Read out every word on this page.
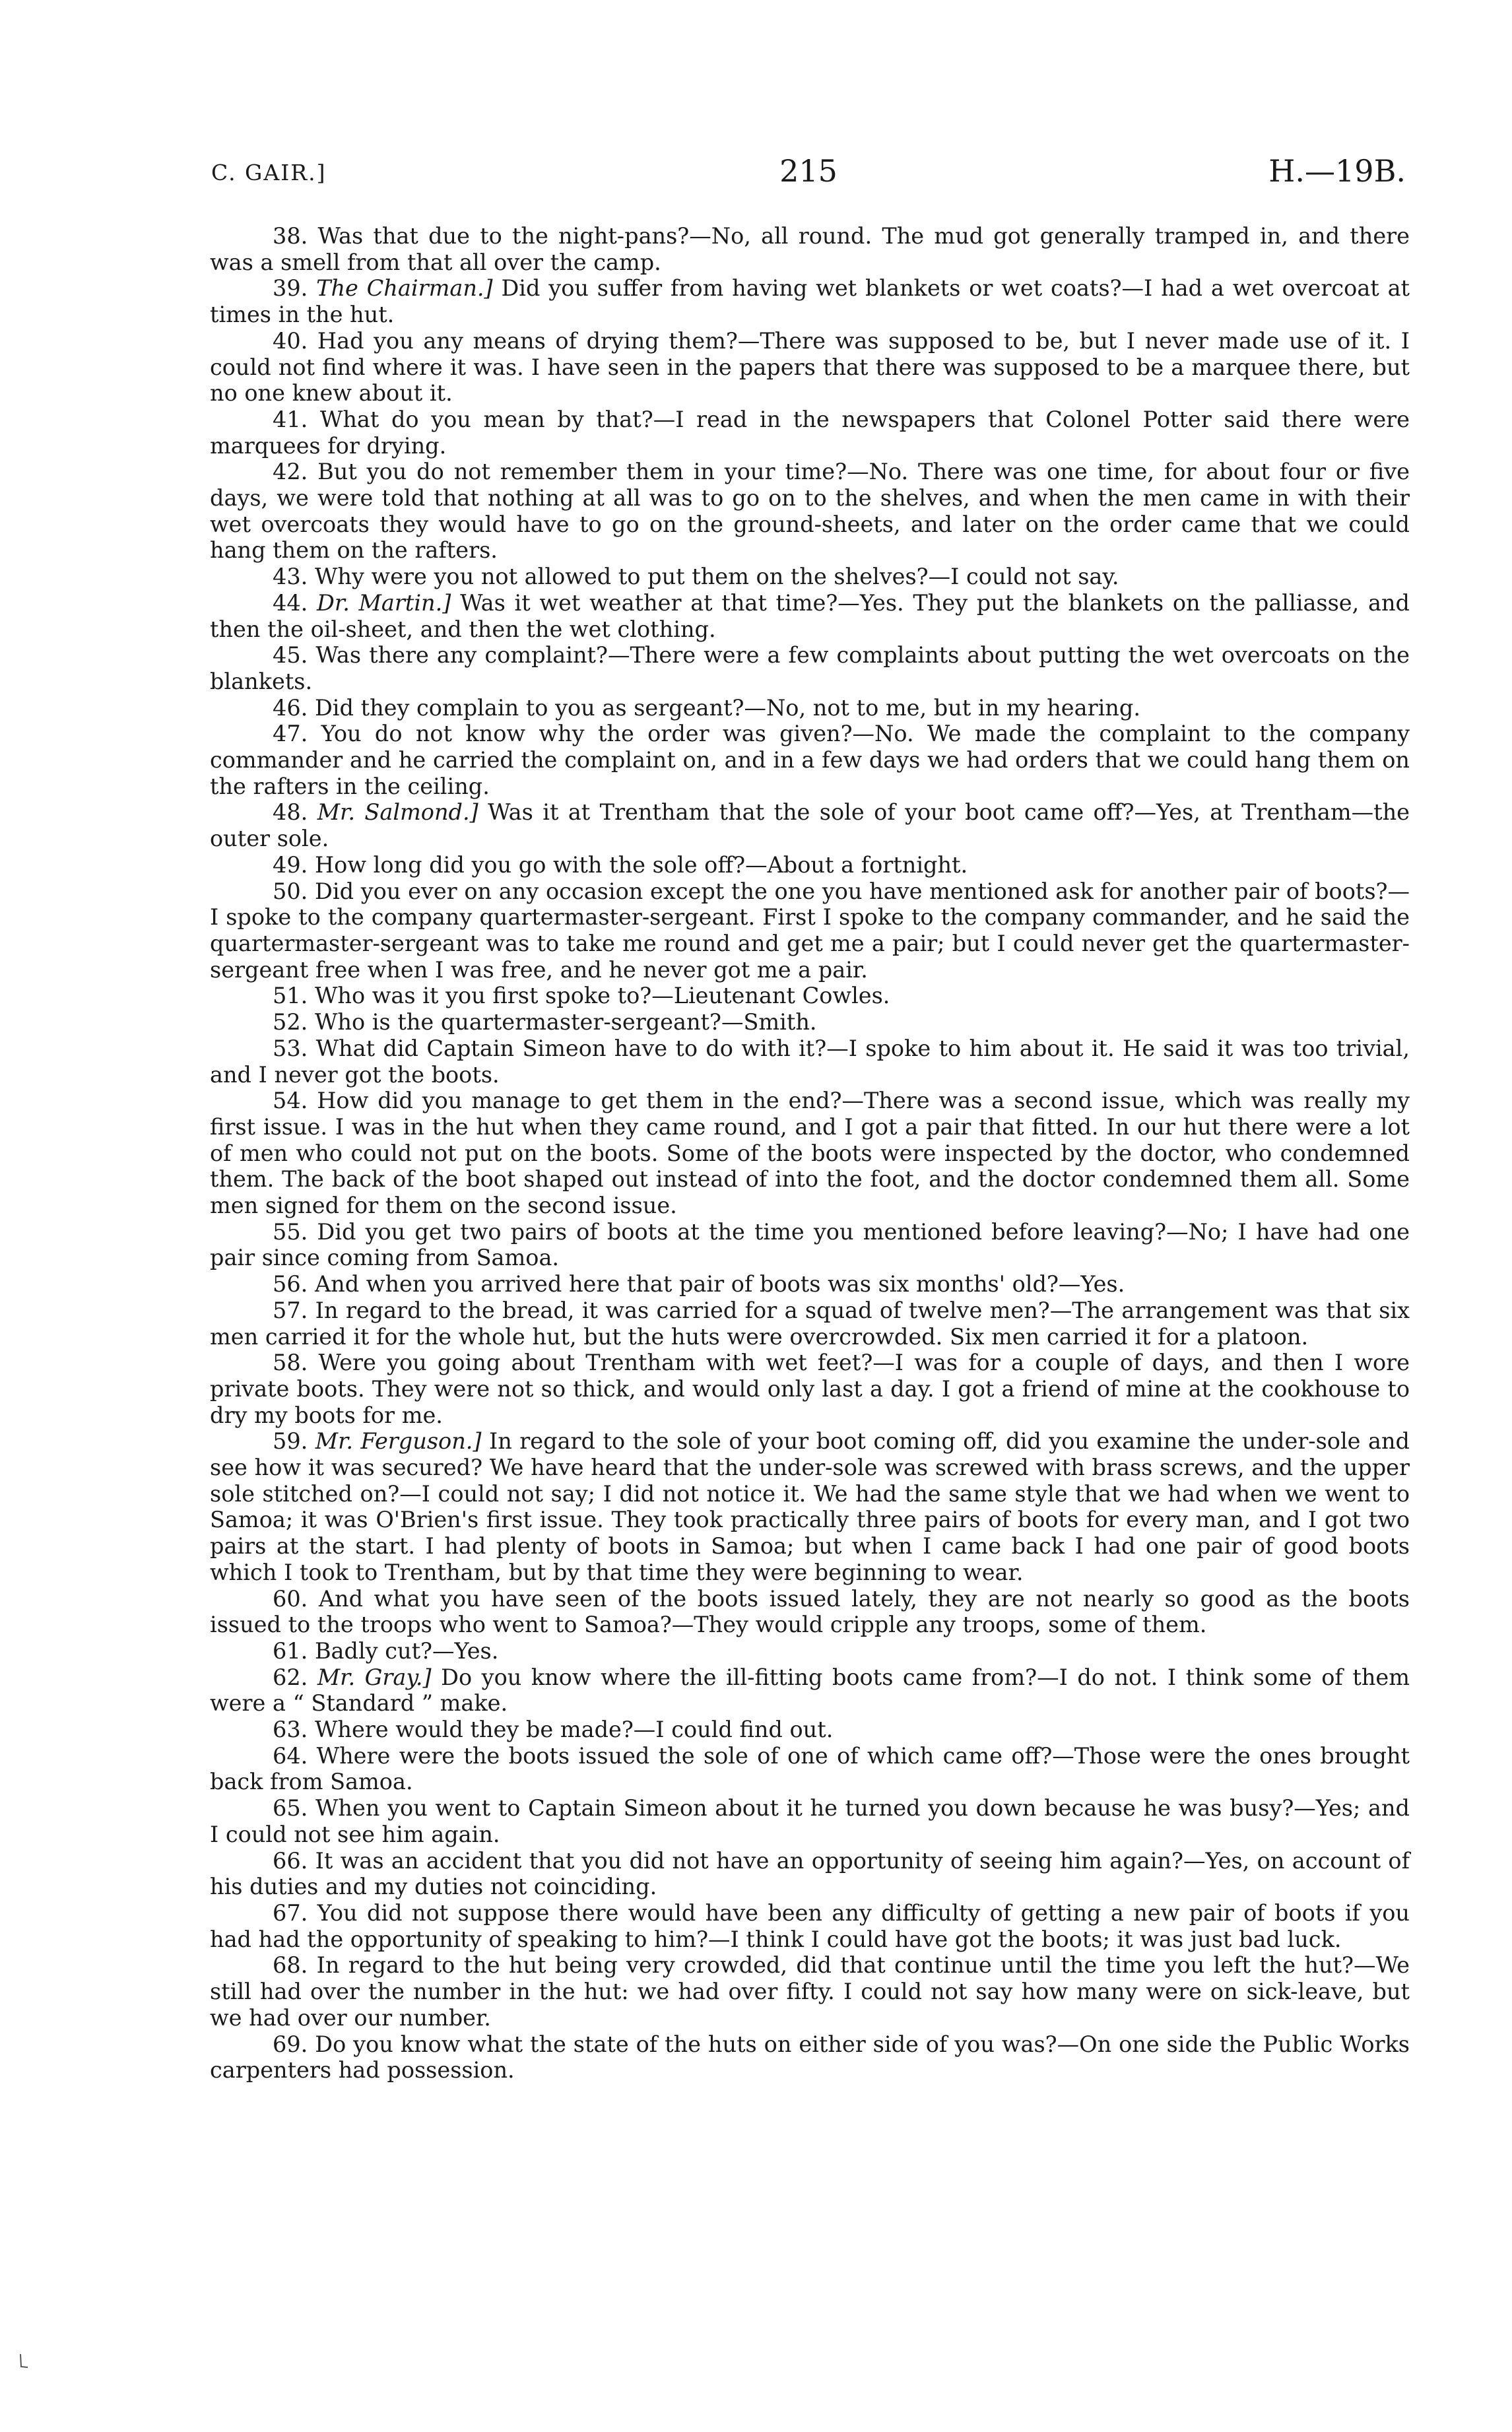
C. GAIR.]	215	H.—19B.

38. Was that due to the night-pans?—No, all round. The mud got generally tramped in, and there was a smell from that all over the camp.

39. The Chairman.] Did you suffer from having wet blankets or wet coats?—I had a wet overcoat at times in the hut.

40. Had you any means of drying them?—There was supposed to be, but I never made use of it. I could not find where it was. I have seen in the papers that there was supposed to be a marquee there, but no one knew about it.

41. What do you mean by that?—I read in the newspapers that Colonel Potter said there were marquees for drying.

42. But you do not remember them in your time?—No. There was one time, for about four or five days, we were told that nothing at all was to go on to the shelves, and when the men came in with their wet overcoats they would have to go on the ground-sheets, and later on the order came that we could hang them on the rafters.

43. Why were you not allowed to put them on the shelves?—I could not say.

44. Dr. Martin.] Was it wet weather at that time?—Yes. They put the blankets on the palliasse, and then the oil-sheet, and then the wet clothing.

45. Was there any complaint?—There were a few complaints about putting the wet overcoats on the blankets.

46. Did they complain to you as sergeant?—No, not to me, but in my hearing.

47. You do not know why the order was given?—No. We made the complaint to the company commander and he carried the complaint on, and in a few days we had orders that we could hang them on the rafters in the ceiling.

48. Mr. Salmond.] Was it at Trentham that the sole of your boot came off?—Yes, at Trentham—the outer sole.

49. How long did you go with the sole off?—About a fortnight.

50. Did you ever on any occasion except the one you have mentioned ask for another pair of boots?—I spoke to the company quartermaster-sergeant. First I spoke to the company commander, and he said the quartermaster-sergeant was to take me round and get me a pair; but I could never get the quartermaster-sergeant free when I was free, and he never got me a pair.

51. Who was it you first spoke to?—Lieutenant Cowles.

52. Who is the quartermaster-sergeant?—Smith.

53. What did Captain Simeon have to do with it?—I spoke to him about it. He said it was too trivial, and I never got the boots.

54. How did you manage to get them in the end?—There was a second issue, which was really my first issue. I was in the hut when they came round, and I got a pair that fitted. In our hut there were a lot of men who could not put on the boots. Some of the boots were inspected by the doctor, who condemned them. The back of the boot shaped out instead of into the foot, and the doctor condemned them all. Some men signed for them on the second issue.

55. Did you get two pairs of boots at the time you mentioned before leaving?—No; I have had one pair since coming from Samoa.

56. And when you arrived here that pair of boots was six months' old?—Yes.

57. In regard to the bread, it was carried for a squad of twelve men?—The arrangement was that six men carried it for the whole hut, but the huts were overcrowded. Six men carried it for a platoon.

58. Were you going about Trentham with wet feet?—I was for a couple of days, and then I wore private boots. They were not so thick, and would only last a day. I got a friend of mine at the cookhouse to dry my boots for me.

59. Mr. Ferguson.] In regard to the sole of your boot coming off, did you examine the under-sole and see how it was secured? We have heard that the under-sole was screwed with brass screws, and the upper sole stitched on?—I could not say; I did not notice it. We had the same style that we had when we went to Samoa; it was O'Brien's first issue. They took practically three pairs of boots for every man, and I got two pairs at the start. I had plenty of boots in Samoa; but when I came back I had one pair of good boots which I took to Trentham, but by that time they were beginning to wear.

60. And what you have seen of the boots issued lately, they are not nearly so good as the boots issued to the troops who went to Samoa?—They would cripple any troops, some of them.

61. Badly cut?—Yes.

62. Mr. Gray.] Do you know where the ill-fitting boots came from?—I do not. I think some of them were a “ Standard ” make.

63. Where would they be made?—I could find out.

64. Where were the boots issued the sole of one of which came off?—Those were the ones brought back from Samoa.

65. When you went to Captain Simeon about it he turned you down because he was busy?—Yes; and I could not see him again.

66. It was an accident that you did not have an opportunity of seeing him again?—Yes, on account of his duties and my duties not coinciding.

67. You did not suppose there would have been any difficulty of getting a new pair of boots if you had had the opportunity of speaking to him?—I think I could have got the boots; it was just bad luck.

68. In regard to the hut being very crowded, did that continue until the time you left the hut?—We still had over the number in the hut: we had over fifty. I could not say how many were on sick-leave, but we had over our number.

69. Do you know what the state of the huts on either side of you was?—On one side the Public Works carpenters had possession.
